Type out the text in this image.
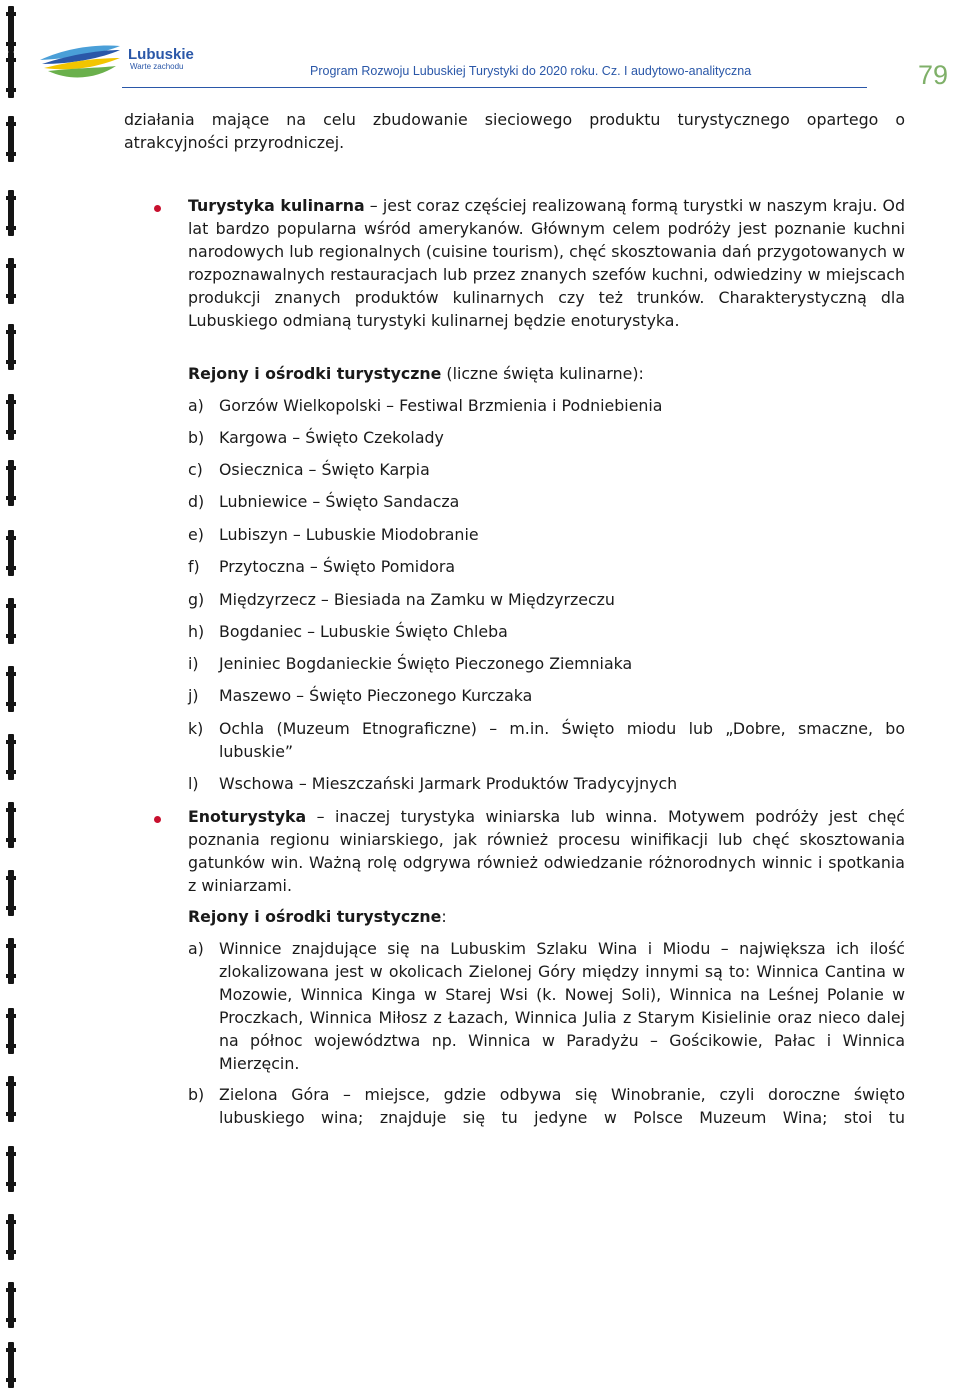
Lubuskie
Warte zachodu	Program Rozwoju Lubuskiej Turystyki do 2020 roku. Cz. I audytowo-analityczna	79
działania mające na celu zbudowanie sieciowego produktu turystycznego opartego o atrakcyjności przyrodniczej.
Turystyka kulinarna – jest coraz częściej realizowaną formą turystki w naszym kraju. Od lat bardzo popularna wśród amerykanów. Głównym celem podróży jest poznanie kuchni narodowych lub regionalnych (cuisine tourism), chęć skosztowania dań przygotowanych w rozpoznawalnych restauracjach lub przez znanych szefów kuchni, odwiedziny w miejscach produkcji znanych produktów kulinarnych czy też trunków. Charakterystyczną dla Lubuskiego odmianą turystyki kulinarnej będzie enoturystyka.
Rejony i ośrodki turystyczne (liczne święta kulinarne):
a) Gorzów Wielkopolski – Festiwal Brzmienia i Podniebienia
b) Kargowa – Święto Czekolady
c)	Osiecznica – Święto Karpia
d) Lubniewice – Święto Sandacza
e) Lubiszyn – Lubuskie Miodobranie
f)	Przytoczna – Święto Pomidora
g) Międzyrzecz – Biesiada na Zamku w Międzyrzeczu
h) Bogdaniec – Lubuskie Święto Chleba
i)	Jeniniec Bogdanieckie Święto Pieczonego Ziemniaka
j)	Maszewo – Święto Pieczonego Kurczaka
k) Ochla (Muzeum Etnograficzne) – m.in. Święto miodu lub „Dobre, smaczne, bo lubuskie”
l)	Wschowa – Mieszczański Jarmark Produktów Tradycyjnych
Enoturystyka – inaczej turystyka winiarska lub winna. Motywem podróży jest chęć poznania regionu winiarskiego, jak również procesu winifikacji lub chęć skosztowania gatunków win. Ważną rolę odgrywa również odwiedzanie różnorodnych winnic i spotkania z winiarzami.
Rejony i ośrodki turystyczne:
a) Winnice znajdujące się na Lubuskim Szlaku Wina i Miodu – największa ich ilość zlokalizowana jest w okolicach Zielonej Góry między innymi są to: Winnica Cantina w Mozowie, Winnica Kinga w Starej Wsi (k. Nowej Soli), Winnica na Leśnej Polanie w Proczkach, Winnica Miłosz z Łazach, Winnica Julia z Starym Kisielinie oraz nieco dalej na północ województwa np. Winnica w Paradyżu – Gościkowie, Pałac i Winnica Mierzęcin.
b) Zielona Góra – miejsce, gdzie odbywa się Winobranie, czyli doroczne święto lubuskiego wina; znajduje się tu jedyne w Polsce Muzeum Wina; stoi tu
